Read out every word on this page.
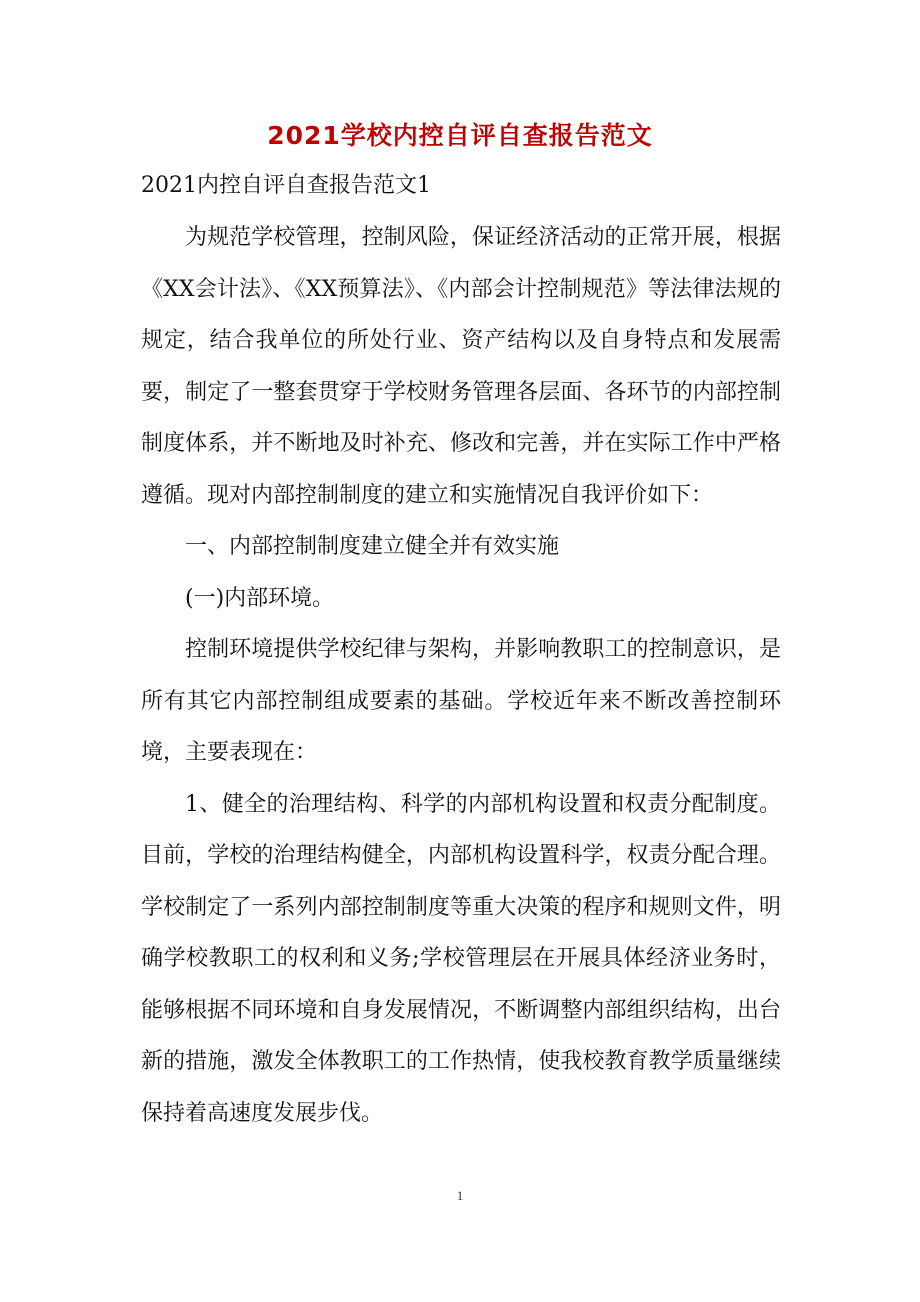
2021学校内控自评自查报告范文
2021内控自评自查报告范文1

为规范学校管理，控制风险，保证经济活动的正常开展，根据《XX会计法》、《XX预算法》、《内部会计控制规范》等法律法规的规定，结合我单位的所处行业、资产结构以及自身特点和发展需要，制定了一整套贯穿于学校财务管理各层面、各环节的内部控制制度体系，并不断地及时补充、修改和完善，并在实际工作中严格遵循。现对内部控制制度的建立和实施情况自我评价如下：

一、内部控制制度建立健全并有效实施

(一)内部环境。

控制环境提供学校纪律与架构，并影响教职工的控制意识，是所有其它内部控制组成要素的基础。学校近年来不断改善控制环境，主要表现在：

1、健全的治理结构、科学的内部机构设置和权责分配制度。目前，学校的治理结构健全，内部机构设置科学，权责分配合理。学校制定了一系列内部控制制度等重大决策的程序和规则文件，明确学校教职工的权利和义务;学校管理层在开展具体经济业务时，能够根据不同环境和自身发展情况，不断调整内部组织结构，出台新的措施，激发全体教职工的工作热情，使我校教育教学质量继续保持着高速度发展步伐。

1
